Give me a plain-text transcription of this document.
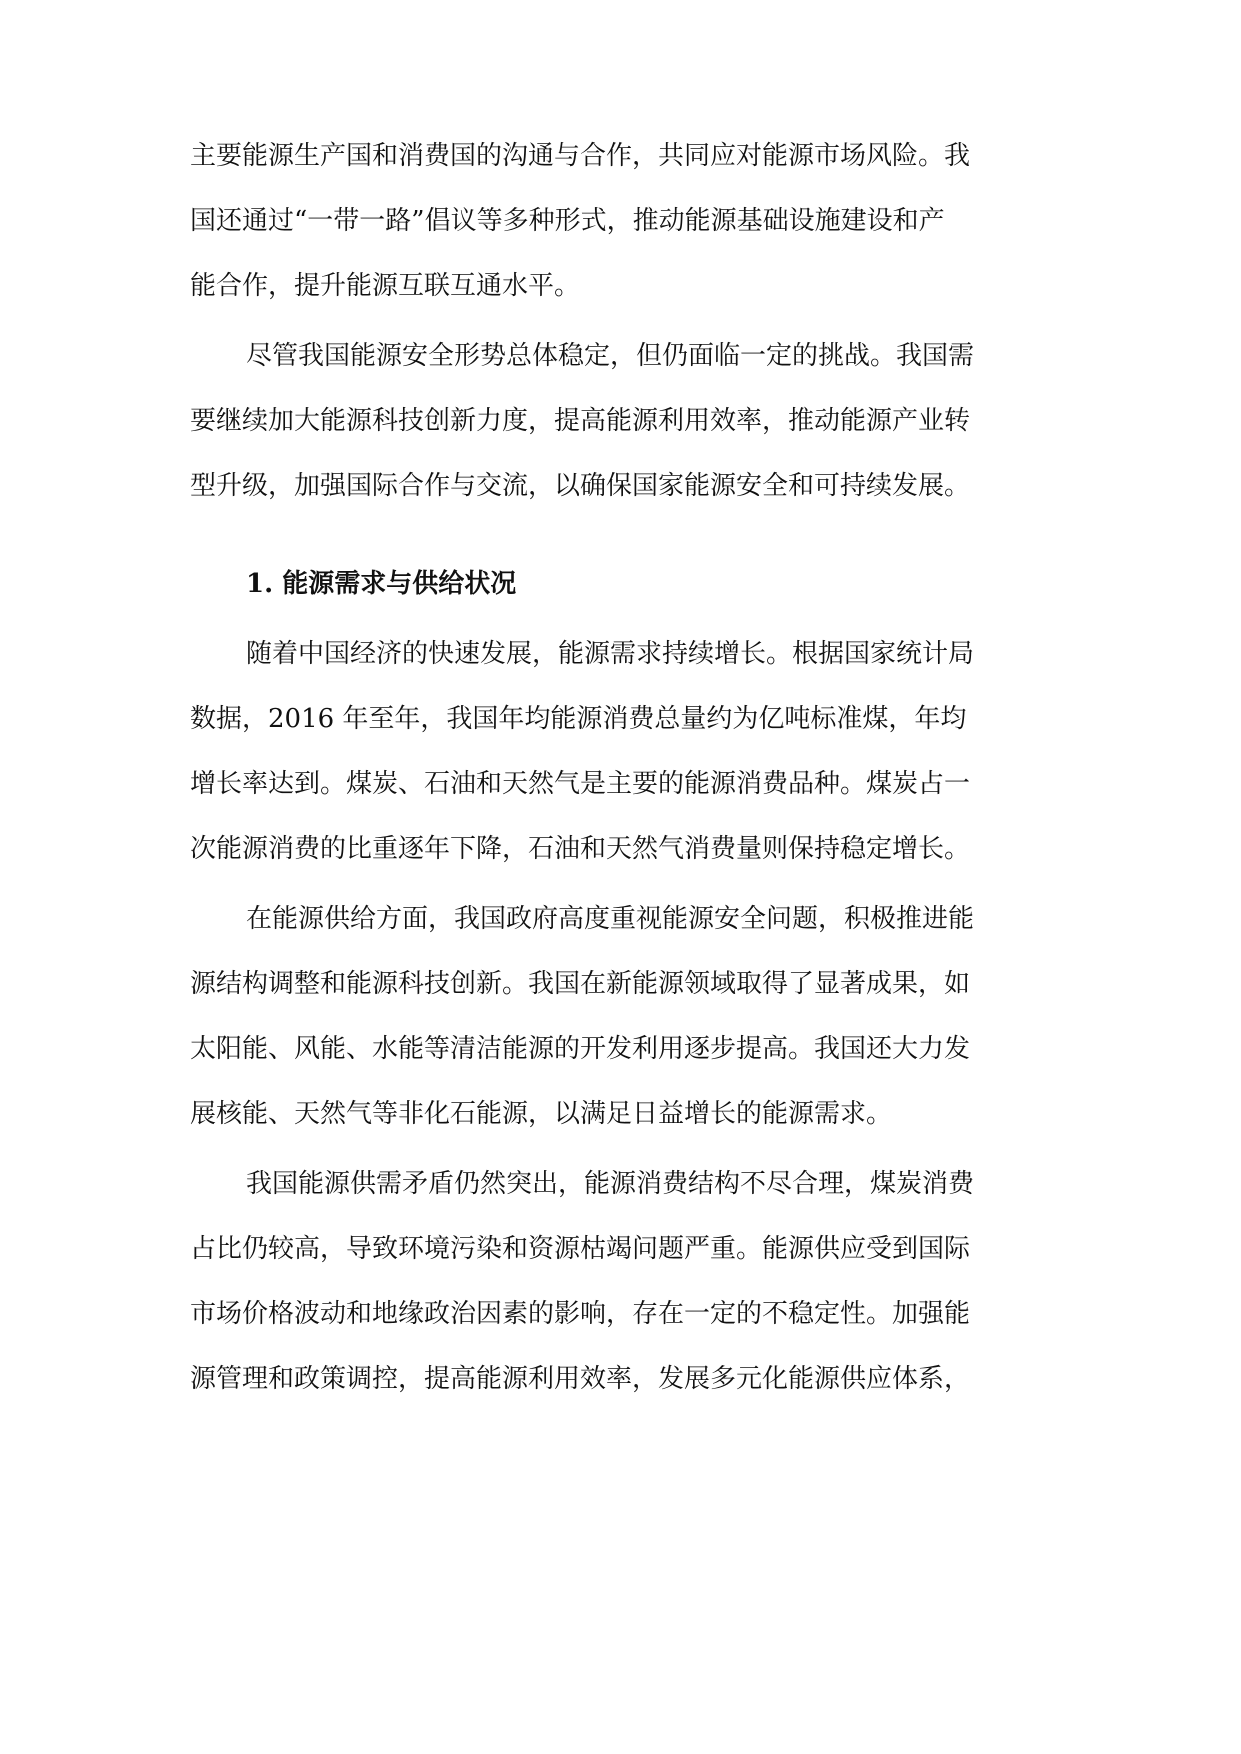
主要能源生产国和消费国的沟通与合作，共同应对能源市场风险。我
国还通过“一带一路”倡议等多种形式，推动能源基础设施建设和产
能合作，提升能源互联互通水平。
尽管我国能源安全形势总体稳定，但仍面临一定的挑战。我国需
要继续加大能源科技创新力度，提高能源利用效率，推动能源产业转
型升级，加强国际合作与交流，以确保国家能源安全和可持续发展。
1. 能源需求与供给状况
随着中国经济的快速发展，能源需求持续增长。根据国家统计局
数据，2016 年至年，我国年均能源消费总量约为亿吨标准煤，年均
增长率达到。煤炭、石油和天然气是主要的能源消费品种。煤炭占一
次能源消费的比重逐年下降，石油和天然气消费量则保持稳定增长。
在能源供给方面，我国政府高度重视能源安全问题，积极推进能
源结构调整和能源科技创新。我国在新能源领域取得了显著成果，如
太阳能、风能、水能等清洁能源的开发利用逐步提高。我国还大力发
展核能、天然气等非化石能源，以满足日益增长的能源需求。
我国能源供需矛盾仍然突出，能源消费结构不尽合理，煤炭消费
占比仍较高，导致环境污染和资源枯竭问题严重。能源供应受到国际
市场价格波动和地缘政治因素的影响，存在一定的不稳定性。加强能
源管理和政策调控，提高能源利用效率，发展多元化能源供应体系，
